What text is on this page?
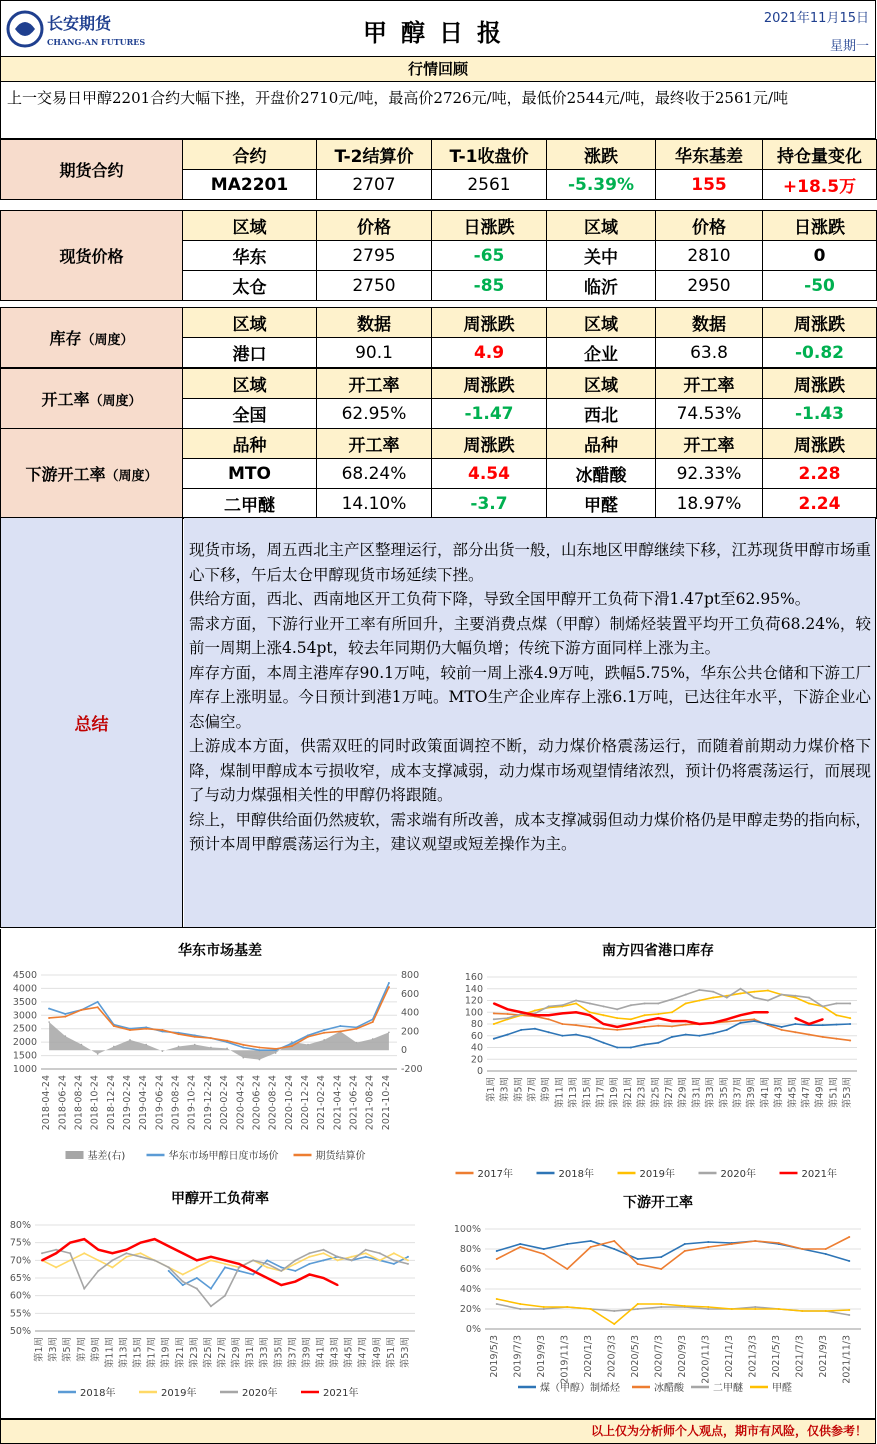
长安期货
CHANG-AN FUTURES	甲醇日报	2021年11月15日
星期一
行情回顾
上一交易日甲醇2201合约大幅下挫，开盘价2710元/吨，最高价2726元/吨，最低价2544元/吨，最终收于2561元/吨
期货合约	合约	T-2结算价	T-1收盘价	涨跌	华东基差	持仓量变化
	MA2201	2707	2561	-5.39%	155	+18.5万
现货价格	区域	价格	日涨跌	区域	价格	日涨跌
	华东	2795	-65	关中	2810	0
	太仓	2750	-85	临沂	2950	-50
库存（周度）	区域	数据	周涨跌	区域	数据	周涨跌
	港口	90.1	4.9	企业	63.8	-0.82
开工率（周度）	区域	开工率	周涨跌	区域	开工率	周涨跌
	全国	62.95%	-1.47	西北	74.53%	-1.43
下游开工率（周度）	品种	开工率	周涨跌	品种	开工率	周涨跌
	MTO	68.24%	4.54	冰醋酸	92.33%	2.28
	二甲醚	14.10%	-3.7	甲醛	18.97%	2.24
总结

现货市场，周五西北主产区整理运行，部分出货一般，山东地区甲醇继续下移，江苏现货甲醇市场重心下移，午后太仓甲醇现货市场延续下挫。

供给方面，西北、西南地区开工负荷下降，导致全国甲醇开工负荷下滑1.47pt至62.95%。

需求方面，下游行业开工率有所回升，主要消费点煤（甲醇）制烯烃装置平均开工负荷68.24%，较前一周期上涨4.54pt，较去年同期仍大幅负增；传统下游方面同样上涨为主。

库存方面，本周主港库存90.1万吨，较前一周上涨4.9万吨，跌幅5.75%，华东公共仓储和下游工厂库存上涨明显。今日预计到港1万吨。MTO生产企业库存上涨6.1万吨，已达往年水平，下游企业心态偏空。

上游成本方面，供需双旺的同时政策面调控不断，动力煤价格震荡运行，而随着前期动力煤价格下降，煤制甲醇成本亏损收窄，成本支撑减弱，动力煤市场观望情绪浓烈，预计仍将震荡运行，而展现了与动力煤强相关性的甲醇仍将跟随。

综上，甲醇供给面仍然疲软，需求端有所改善，成本支撑减弱但动力煤价格仍是甲醇走势的指向标，预计本周甲醇震荡运行为主，建议观望或短差操作为主。

华东市场基差
1000
1500
2000
2500
3000
3500
4000
4500
-200
0
200
400
600
800
2018-04-24 2018-06-24 2018-08-24 2018-10-24 2018-12-24 2019-02-24 2019-04-24 2019-06-24 2019-08-24 2019-10-24 2019-12-24 2020-02-24 2020-04-24 2020-06-24 2020-08-24 2020-10-24 2020-12-24 2021-02-24 2021-04-24 2021-06-24 2021-08-24 2021-10-24
基差(右)	华东市场甲醇日度市场价	期货结算价
南方四省港口库存
0
20
40
60
80
100
120
140
160
第1周 第3周 第5周 第7周 第9周 第11周 第13周 第15周 第17周 第19周 第21周 第23周 第25周 第27周 第29周 第31周 第33周 第35周 第37周 第39周 第41周 第43周 第45周 第47周 第49周 第51周 第53周
2017年	2018年	2019年	2020年	2021年
甲醇开工负荷率
50%
55%
60%
65%
70%
75%
80%
第1周 第3周 第5周 第7周 第9周 第11周 第13周 第15周 第17周 第19周 第21周 第23周 第25周 第27周 第29周 第31周 第33周 第35周 第37周 第39周 第41周 第43周 第45周 第47周 第49周 第51周 第53周
2018年	2019年	2020年	2021年
下游开工率
0%
20%
40%
60%
80%
100%
2019/5/3 2019/7/3 2019/9/3 2019/11/3 2020/1/3 2020/3/3 2020/5/3 2020/7/3 2020/9/3 2020/11/3 2021/1/3 2021/3/3 2021/5/3 2021/7/3 2021/9/3 2021/11/3
煤（甲醇）制烯烃	冰醋酸	二甲醚	甲醛
以上仅为分析师个人观点，期市有风险，仅供参考！
